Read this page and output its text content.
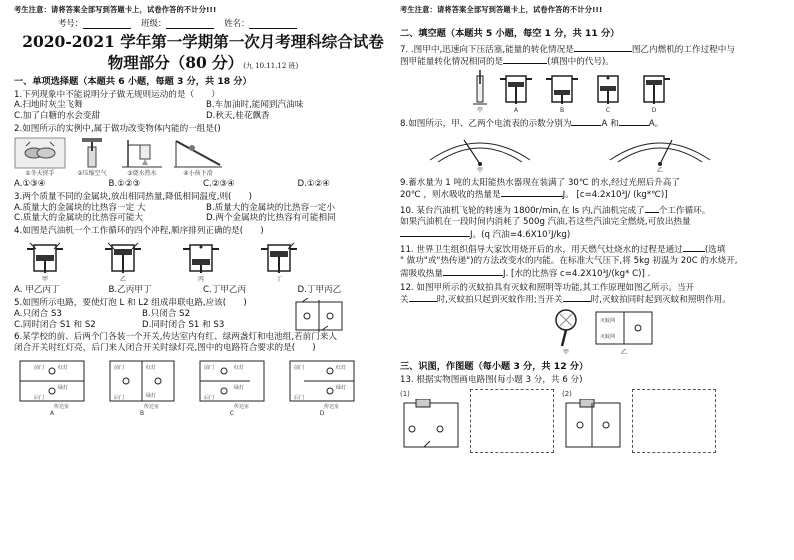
考生注意：请将答案全部写到答题卡上，试卷作答的不计分!!!
考号：	班级：	姓名：
2020-2021 学年第一学期第一次月考理科综合试卷
物理部分（80 分）(九 10.11.12 班)
一、单项选择题（本题共 6 小题，每题 3 分，共 18 分）
1.下列现象中不能说明分子做无规则运动的是（　　）
A.扫地时灰尘飞舞	B.车加油时,能闻到汽油味
C.加了白糖的水会变甜	D.秋天,桂花飘香
2.如图所示的实例中,属于做功改变物体内能的一组是()
①冬天搓手	②压缩空气	③烧水热水	④小孩下滑
A.①③④	B.①②③	C.②③④	D.①②④
3.两个质量不同的金属块,放出相同热量,降低相同温度,则(　　)
A.质量大的金属块的比热容一定 大	B.质量大的金属块的比热容一定小
C.质量大的金属块的比热容可能大	D.两个金属块的比热容有可能相同
4.如图是汽油机一个工作循环的四个冲程,顺序排列正确的是(　　)
甲	乙	丙	丁
A. 甲乙丙丁	B.乙丙甲丁	C.丁甲乙丙	D.丁甲丙乙
5.如图所示电路，要使灯泡 L 和 L2 组成串联电路,应该(　　)
A.只闭合 S3	B.只闭合 S2
C.同时闭合 S1 和 S2	D.同时闭合 S1 和 S3
6.某学校的前、后两个门各装一个开关,传达室内有红、绿两盏灯和电池组,若前门来人
闭合开关时红灯亮，后门来人闭合开关时绿灯亮,图中的电路符合要求的是(　　)
前门
后门
红灯
绿灯
传达室
A
前门
后门
红灯
绿灯
传达室
B
前门
后门
红灯
绿灯
传达室
C
前门
后门
红灯
绿灯
传达室
D
考生注意：请将答案全部写到答题卡上，试卷作答的不计分!!!
二、填空题（本题共 5 小题，每空 1 分，共 11 分）
7. .图甲中,迅速向下压活塞,能量的转化情况是	图乙内燃机的工作过程中与
图甲能量转化情况相同的是	(填图中的代号)。
甲	A	B	C	D
8.如图所示，甲、乙两个电流表的示数分别为	A 和	A。
甲	乙
9.蓄水量为 1 吨的太阳能热水器现在装满了 30℃ 的水,经过光照后升高了
20℃ ，则水吸收的热量是	J。 [c=4.2x10³J/ (kg*℃)]
10. 某台汽油机飞轮的转速为 1800r/min,在 ls 内,汽油机完成了 个工作循环。
如果汽油机在一段时间内消耗了 500g 汽油,若这些汽油完全燃烧,可放出热量
J。(q 汽油=4.6X10⁷J/kg)
11. 世界卫生组织倡导大家饮用烧开后的水，用天燃气灶烧水的过程是通过	(选填
" 做功"或"热传递")的方法改变水的内能。在标准大气压下,将 5kg 初温为 20C 的水烧开,
需吸收热量	J. [水的比热容 c=4.2X10³J/(kg* C)] .
12. 如图甲所示的灭蚊拍具有灭蚊和照明等功能,其工作原理如图乙所示。当开
关	时,灭蚊拍只起到灭蚊作用;当开关	时,灭蚊拍同时起到灭蚊和照明作用。
甲
灭蚊网
灭蚊网
乙
三、识图，作图题（每小题 3 分，共 12 分）
13. 根据实物图画电路图(每小题 3 分，共 6 分)
(1)	(2)
